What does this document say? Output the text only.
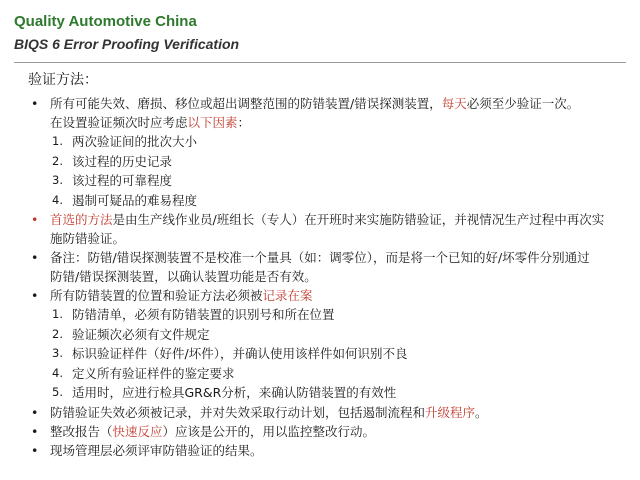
Quality Automotive China
BIQS 6 Error Proofing Verification
验证方法：
• 所有可能失效、磨损、移位或超出调整范围的防错装置/错误探测装置，每天必须至少验证一次。
在设置验证频次时应考虑以下因素：
1. 两次验证间的批次大小
2. 该过程的历史记录
3. 该过程的可靠程度
4. 遏制可疑品的难易程度
• 首选的方法是由生产线作业员/班组长（专人）在开班时来实施防错验证，并视情况生产过程中再次实
施防错验证。
• 备注：防错/错误探测装置不是校准一个量具（如：调零位），而是将一个已知的好/坏零件分别通过
防错/错误探测装置，以确认装置功能是否有效。
• 所有防错装置的位置和验证方法必须被记录在案
1. 防错清单，必须有防错装置的识别号和所在位置
2. 验证频次必须有文件规定
3. 标识验证样件（好件/坏件），并确认使用该样件如何识别不良
4. 定义所有验证样件的鉴定要求
5. 适用时，应进行检具GR&R分析，来确认防错装置的有效性
• 防错验证失效必须被记录，并对失效采取行动计划，包括遏制流程和升级程序。
• 整改报告（快速反应）应该是公开的，用以监控整改行动。
• 现场管理层必须评审防错验证的结果。
